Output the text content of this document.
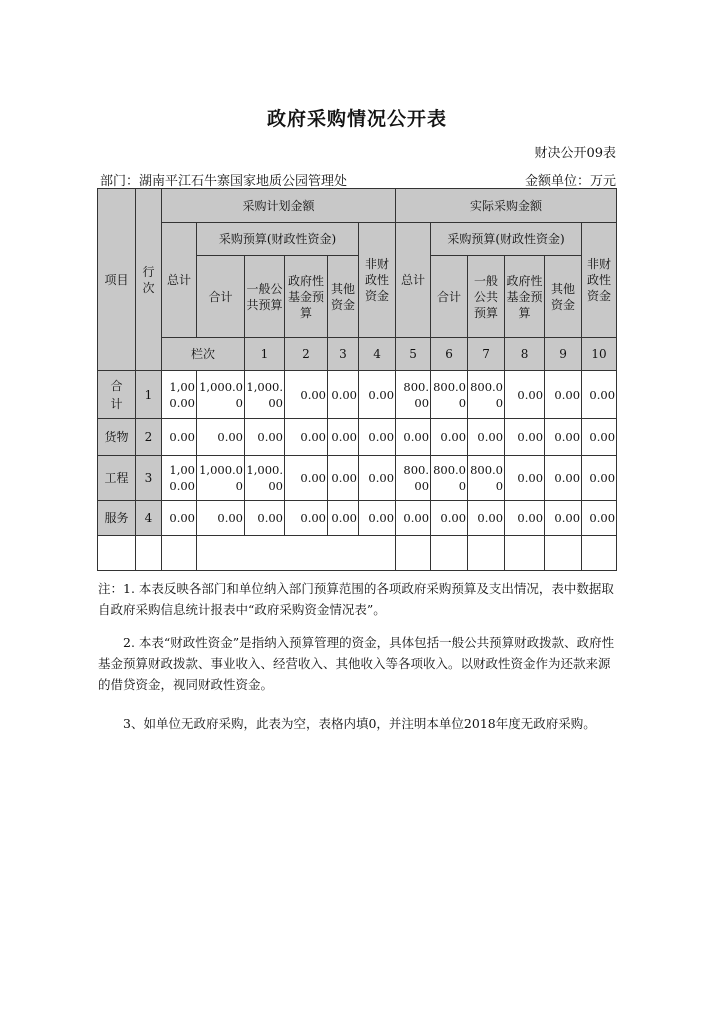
政府采购情况公开表
财决公开09表
部门：湖南平江石牛寨国家地质公园管理处	金额单位：万元
项目	行次	采购计划金额						实际采购金额						
		总计	采购预算(财政性资金)				非财政性资金	总计	采购预算(财政性资金)				非财政性资金	
			合计	一般公共预算	政府性基金预算	其他资金			合计	一般公共预算	政府性基金预算	其他资金		
		栏次		1	2	3	4	5	6	7	8	9	10		
合计	1	1,000.00	1,000.00	1,000.00	0.00	0.00	0.00	800.00	800.00	800.00	0.00	0.00	0.00	
货物	2	0.00	0.00	0.00	0.00	0.00	0.00	0.00	0.00	0.00	0.00	0.00	0.00	
工程	3	1,000.00	1,000.00	1,000.00	0.00	0.00	0.00	800.00	800.00	800.00	0.00	0.00	0.00	
服务	4	0.00	0.00	0.00	0.00	0.00	0.00	0.00	0.00	0.00	0.00	0.00	0.00	

注：1. 本表反映各部门和单位纳入部门预算范围的各项政府采购预算及支出情况，表中数据取自政府采购信息统计报表中“政府采购资金情况表”。

2. 本表“财政性资金”是指纳入预算管理的资金，具体包括一般公共预算财政拨款、政府性基金预算财政拨款、事业收入、经营收入、其他收入等各项收入。以财政性资金作为还款来源的借贷资金，视同财政性资金。

3、如单位无政府采购，此表为空，表格内填0，并注明本单位2018年度无政府采购。
